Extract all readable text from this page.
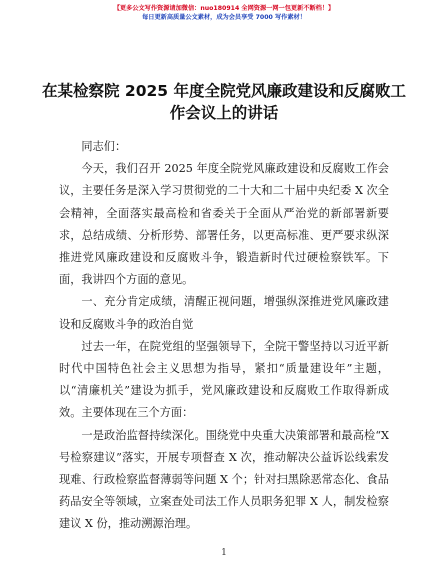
【更多公文写作资源请加微信：nuo180914 全网资源一网一包更新不断档！】
每日更新高质量公文素材，成为会员享受 7000 写作素材！
在某检察院 2025 年度全院党风廉政建设和反腐败工作会议上的讲话

同志们：

今天，我们召开 2025 年度全院党风廉政建设和反腐败工作会议，主要任务是深入学习贯彻党的二十大和二十届中央纪委 X 次全会精神，全面落实最高检和省委关于全面从严治党的新部署新要求，总结成绩、分析形势、部署任务，以更高标准、更严要求纵深推进党风廉政建设和反腐败斗争，锻造新时代过硬检察铁军。下面，我讲四个方面的意见。

一、充分肯定成绩，清醒正视问题，增强纵深推进党风廉政建设和反腐败斗争的政治自觉

过去一年，在院党组的坚强领导下，全院干警坚持以习近平新时代中国特色社会主义思想为指导，紧扣“质量建设年”主题，以“清廉机关”建设为抓手，党风廉政建设和反腐败工作取得新成效。主要体现在三个方面：

一是政治监督持续深化。围绕党中央重大决策部署和最高检“X 号检察建议”落实，开展专项督查 X 次，推动解决公益诉讼线索发现难、行政检察监督薄弱等问题 X 个；针对扫黑除恶常态化、食品药品安全等领域，立案查处司法工作人员职务犯罪 X 人，制发检察建议 X 份，推动溯源治理。

1
